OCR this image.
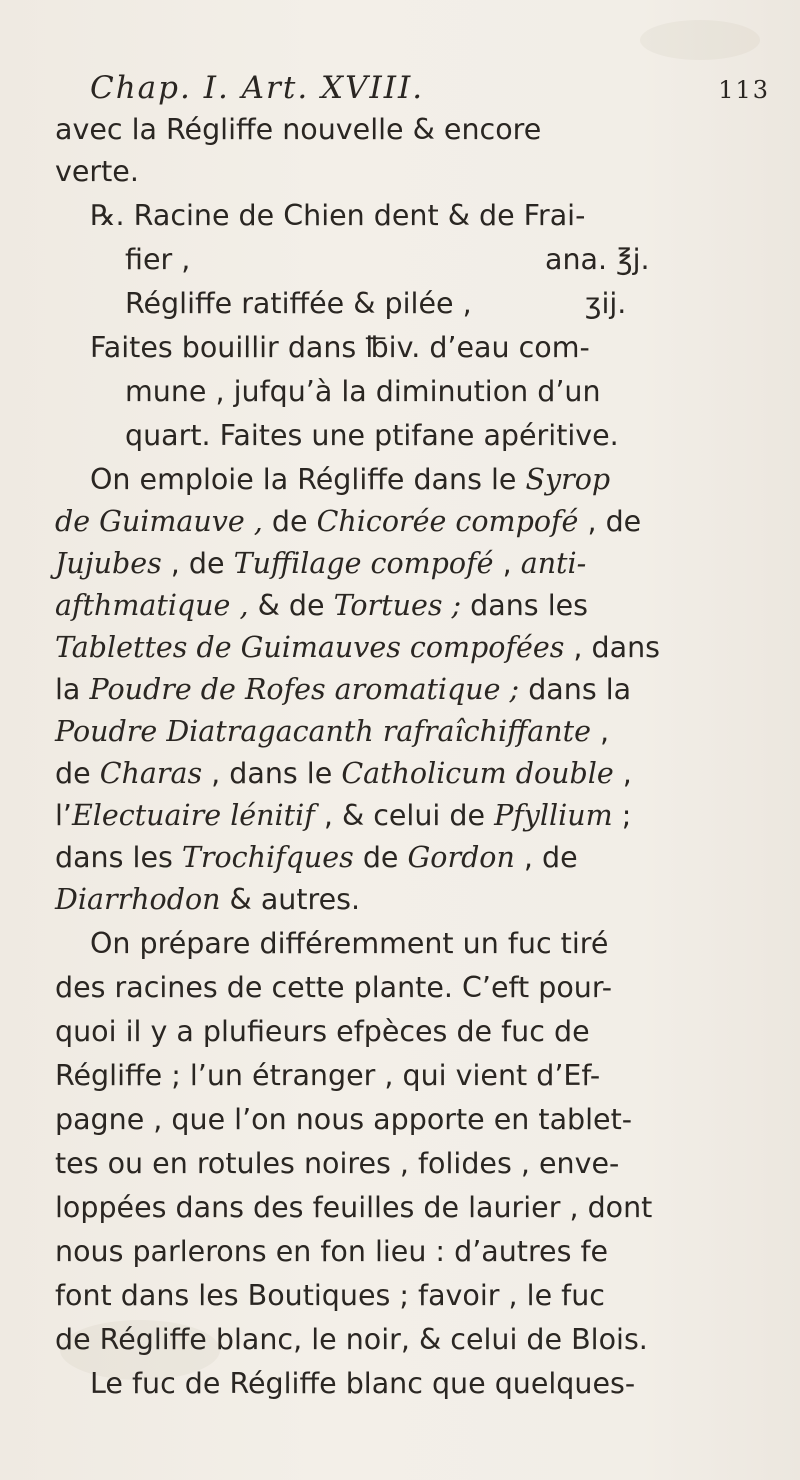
Chap. I. Art. XVIII.	113
avec la Régliffe nouvelle & encore
verte.
℞. Racine de Chien dent & de Frai-
fier ,	ana. ℥j.
Régliffe ratiffée & pilée ,	ʒij.
Faites bouillir dans ℔iv. d’eau com-
mune , jufqu’à la diminution d’un
quart. Faites une ptifane apéritive.
On emploie la Régliffe dans le Syrop
de Guimauve , de Chicorée compofé , de
Jujubes , de Tuffilage compofé , anti-
afthmatique , & de Tortues ; dans les
Tablettes de Guimauves compofées , dans
la Poudre de Rofes aromatique ; dans la
Poudre Diatragacanth rafraîchiffante ,
de Charas , dans le Catholicum double ,
l’Electuaire lénitif , & celui de Pfyllium ;
dans les Trochifques de Gordon , de
Diarrhodon & autres.
On prépare différemment un fuc tiré
des racines de cette plante. C’eft pour-
quoi il y a plufieurs efpèces de fuc de
Régliffe ; l’un étranger , qui vient d’Ef-
pagne , que l’on nous apporte en tablet-
tes ou en rotules noires , folides , enve-
loppées dans des feuilles de laurier , dont
nous parlerons en fon lieu : d’autres fe
font dans les Boutiques ; favoir , le fuc
de Régliffe blanc, le noir, & celui de Blois.
Le fuc de Régliffe blanc que quelques-
